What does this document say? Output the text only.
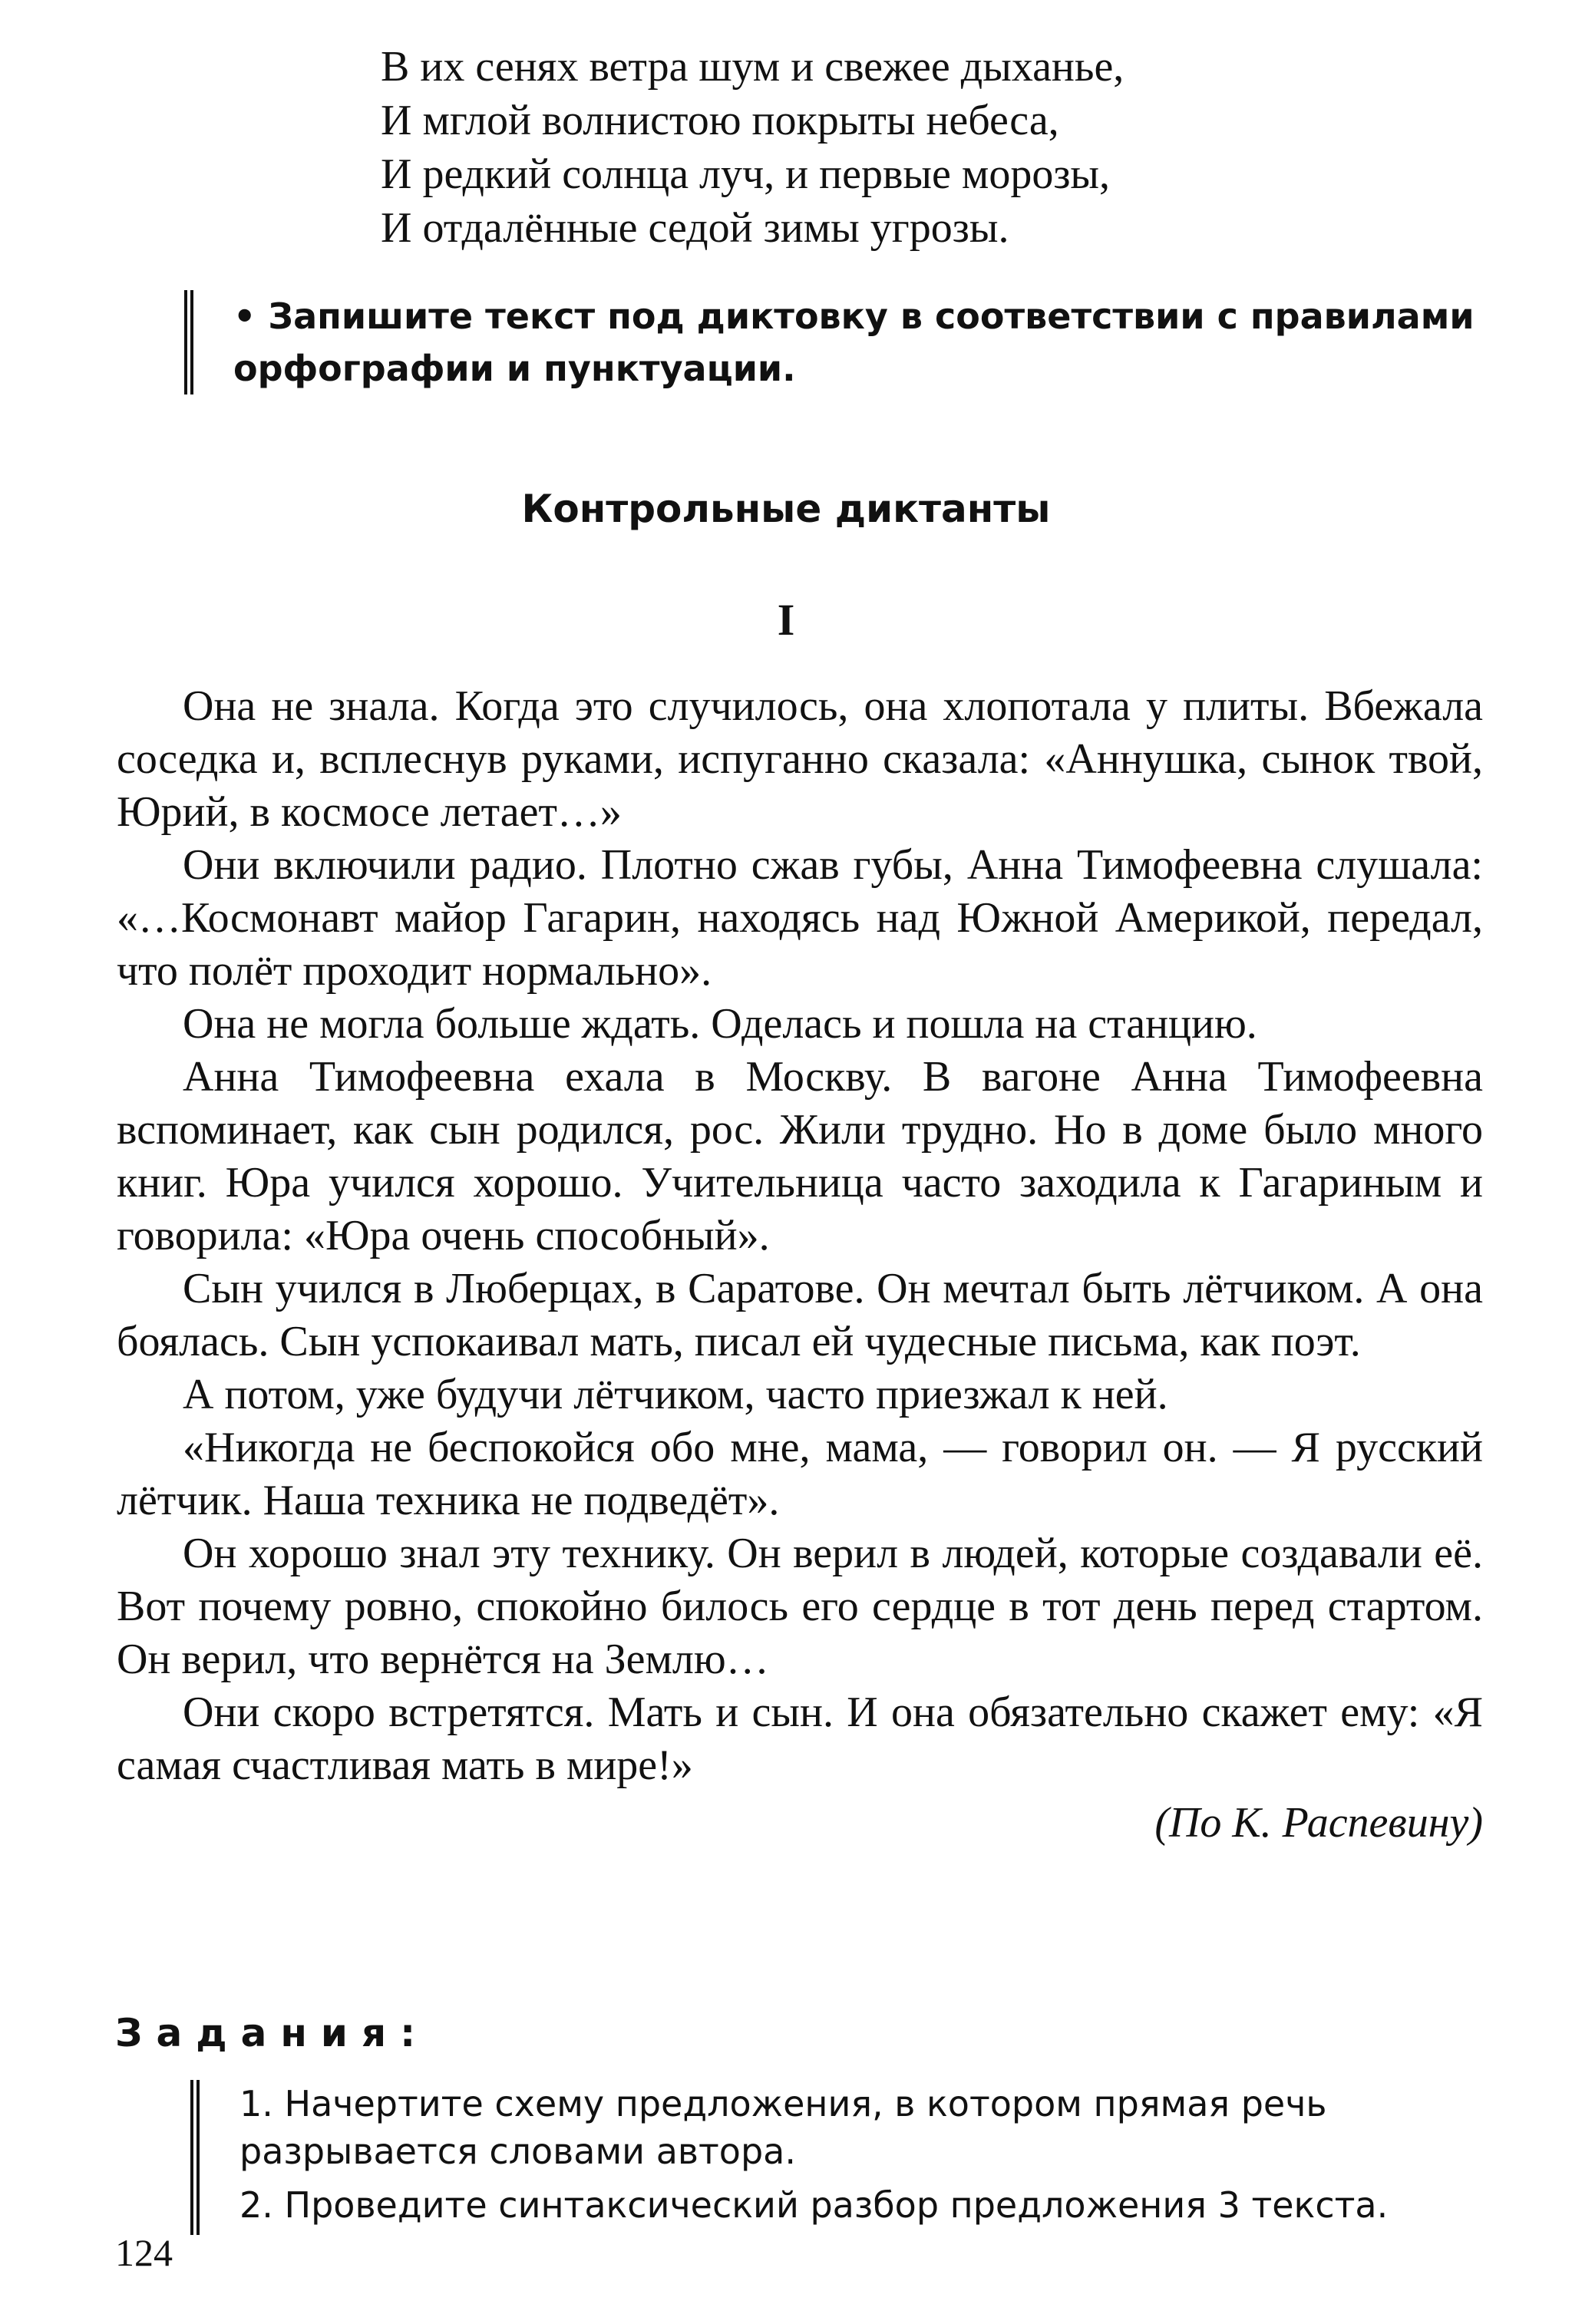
В их сенях ветра шум и свежее дыханье,
И мглой волнистою покрыты небеса,
И редкий солнца луч, и первые морозы,
И отдалённые седой зимы угрозы.
• Запишите текст под диктовку в соответствии с правилами орфографии и пунктуации.
Контрольные диктанты
I

Она не знала. Когда это случилось, она хлопотала у плиты. Вбежала соседка и, всплеснув руками, испуганно сказала: «Аннушка, сынок твой, Юрий, в космосе летает…»

Они включили радио. Плотно сжав губы, Анна Тимофеевна слушала: «…Космонавт майор Гагарин, находясь над Южной Америкой, передал, что полёт проходит нормально».

Она не могла больше ждать. Оделась и пошла на станцию.

Анна Тимофеевна ехала в Москву. В вагоне Анна Тимофеевна вспоминает, как сын родился, рос. Жили трудно. Но в доме было много книг. Юра учился хорошо. Учительница часто заходила к Гагариным и говорила: «Юра очень способный».

Сын учился в Люберцах, в Саратове. Он мечтал быть лётчиком. А она боялась. Сын успокаивал мать, писал ей чудесные письма, как поэт.

А потом, уже будучи лётчиком, часто приезжал к ней.

«Никогда не беспокойся обо мне, мама, — говорил он. — Я русский лётчик. Наша техника не подведёт».

Он хорошо знал эту технику. Он верил в людей, которые создавали её. Вот почему ровно, спокойно билось его сердце в тот день перед стартом. Он верил, что вернётся на Землю…

Они скоро встретятся. Мать и сын. И она обязательно скажет ему: «Я самая счастливая мать в мире!»

(По К. Распевину)
Задания:

1. Начертите схему предложения, в котором прямая речь разрывается словами автора.

2. Проведите синтаксический разбор предложения 3 текста.

124
